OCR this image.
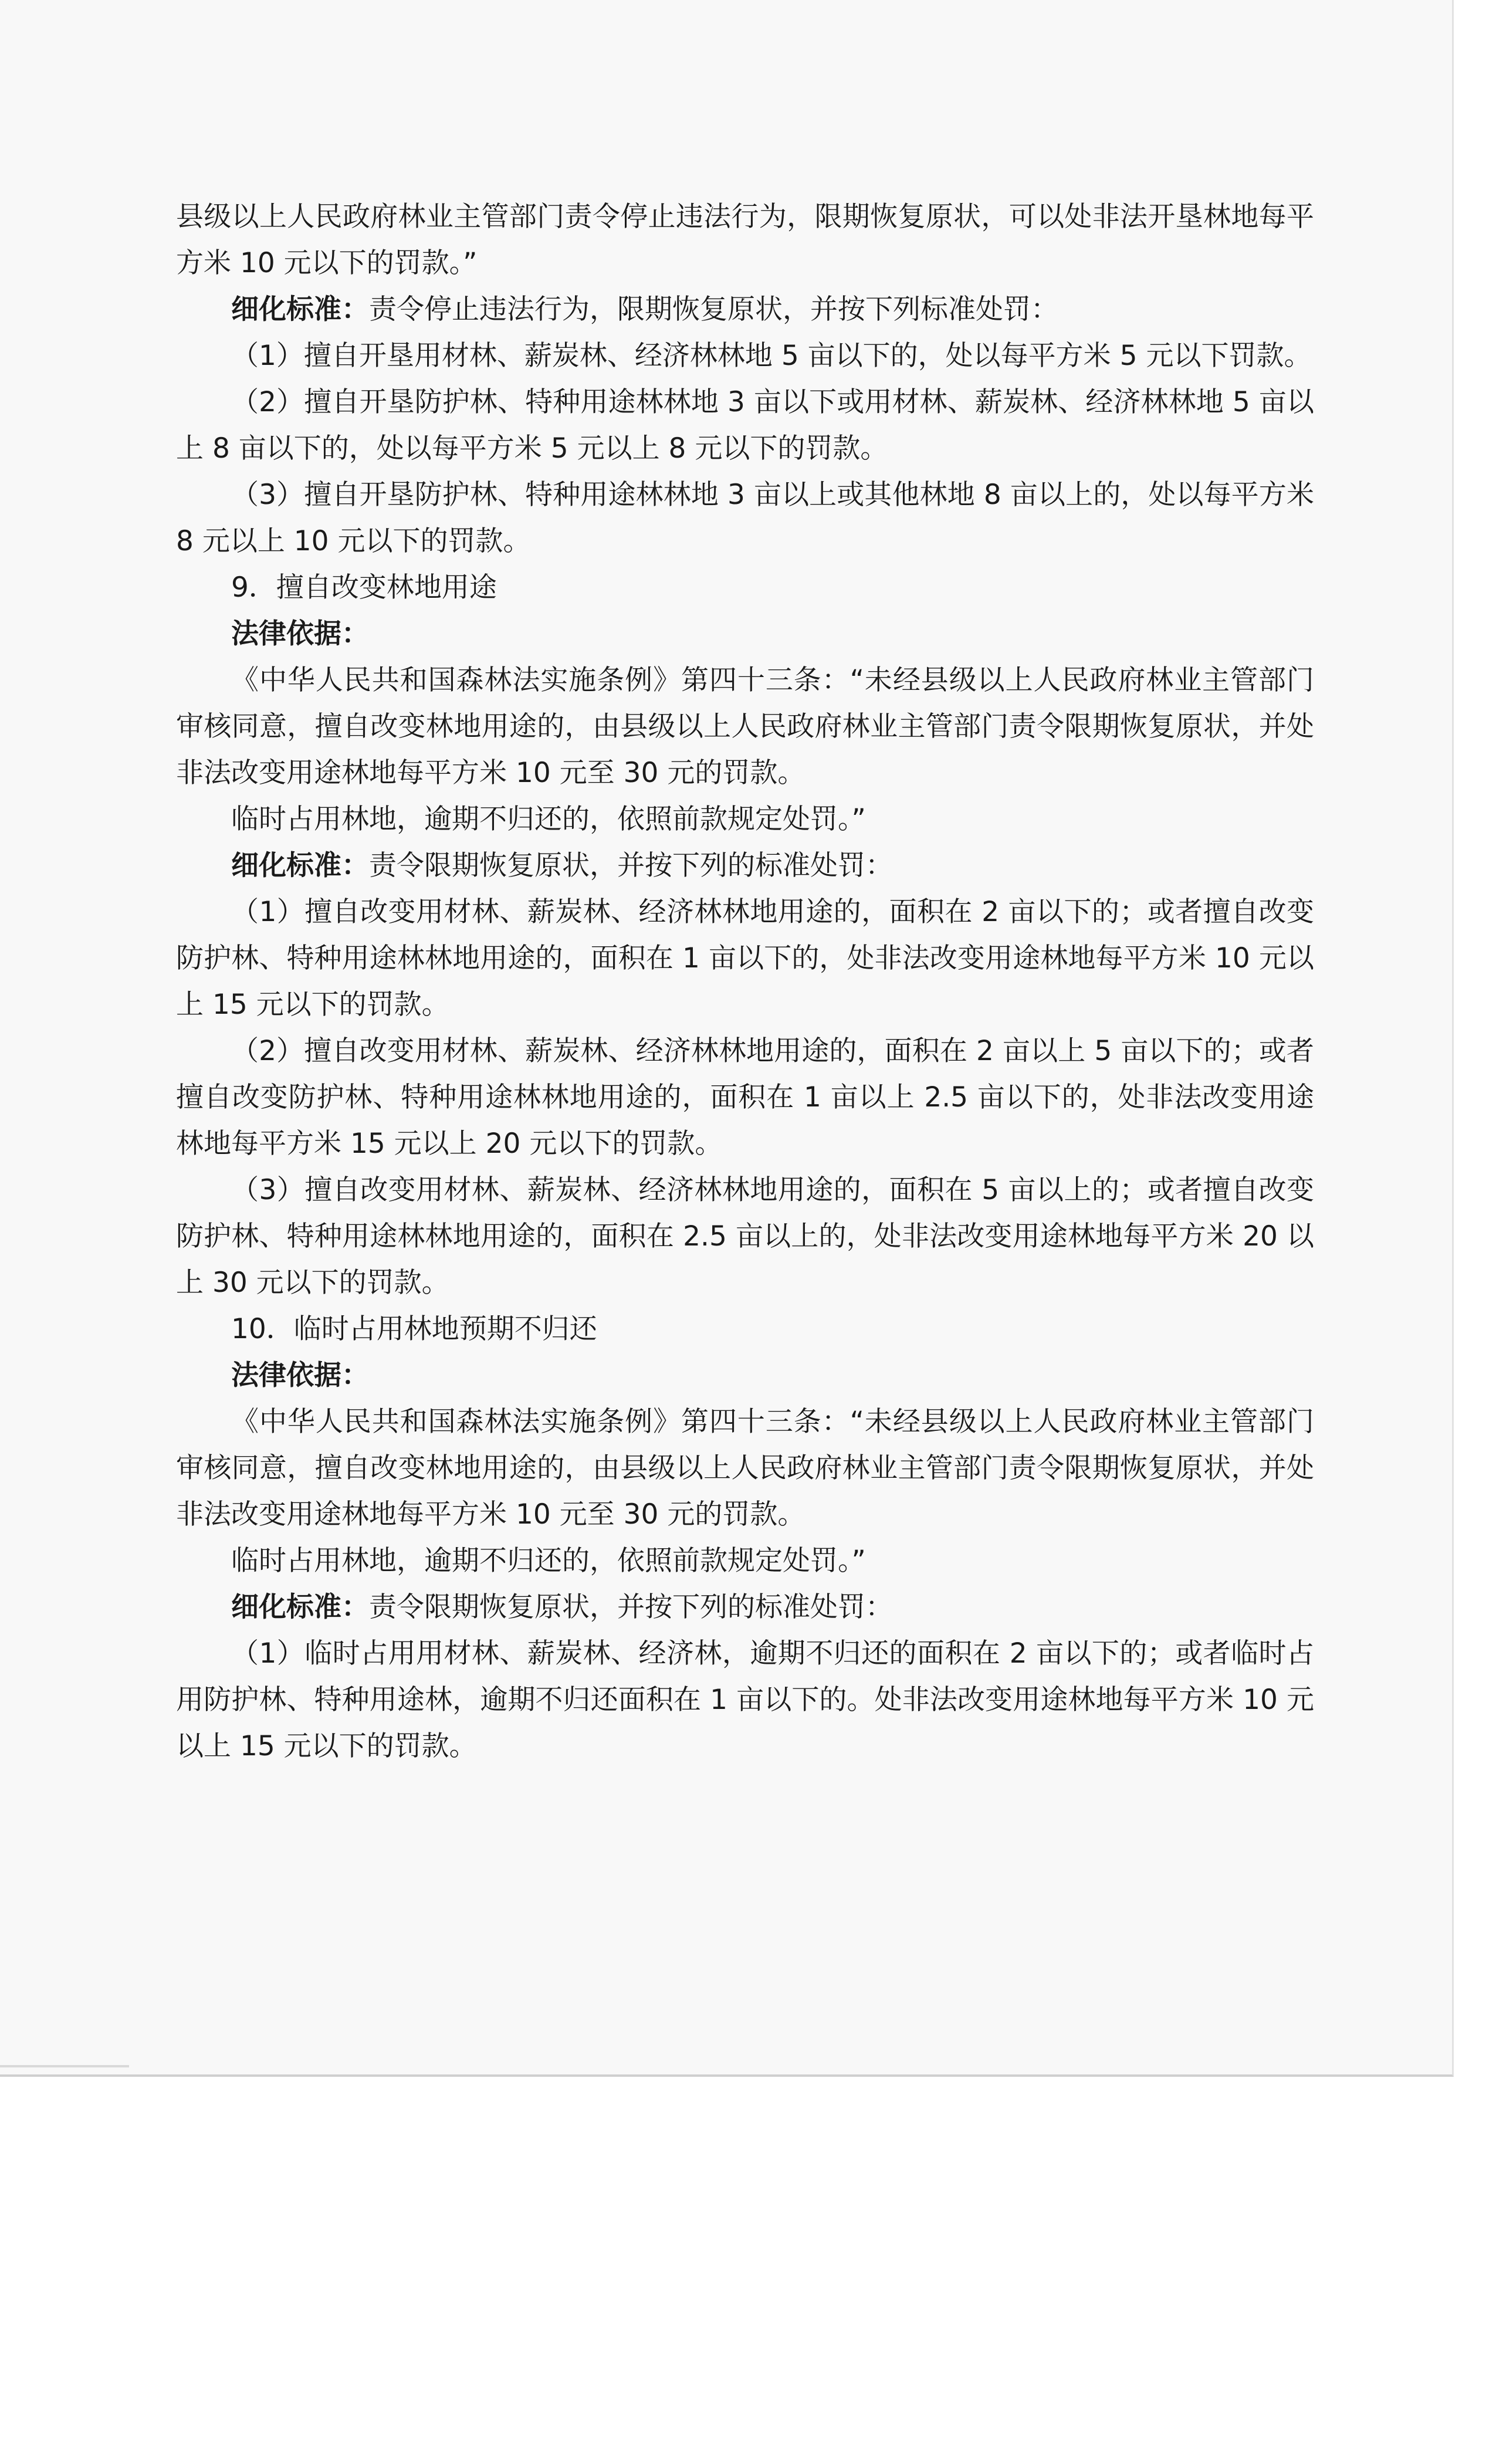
县级以上人民政府林业主管部门责令停止违法行为，限期恢复原状，可以处非法开垦林地每平方米 10 元以下的罚款。”

细化标准：责令停止违法行为，限期恢复原状，并按下列标准处罚：

（1）擅自开垦用材林、薪炭林、经济林林地 5 亩以下的，处以每平方米 5 元以下罚款。

（2）擅自开垦防护林、特种用途林林地 3 亩以下或用材林、薪炭林、经济林林地 5 亩以上 8 亩以下的，处以每平方米 5 元以上 8 元以下的罚款。

（3）擅自开垦防护林、特种用途林林地 3 亩以上或其他林地 8 亩以上的，处以每平方米 8 元以上 10 元以下的罚款。

9．擅自改变林地用途

法律依据：

《中华人民共和国森林法实施条例》第四十三条：“未经县级以上人民政府林业主管部门审核同意，擅自改变林地用途的，由县级以上人民政府林业主管部门责令限期恢复原状，并处非法改变用途林地每平方米 10 元至 30 元的罚款。

临时占用林地，逾期不归还的，依照前款规定处罚。”

细化标准：责令限期恢复原状，并按下列的标准处罚：

（1）擅自改变用材林、薪炭林、经济林林地用途的，面积在 2 亩以下的；或者擅自改变防护林、特种用途林林地用途的，面积在 1 亩以下的，处非法改变用途林地每平方米 10 元以上 15 元以下的罚款。

（2）擅自改变用材林、薪炭林、经济林林地用途的，面积在 2 亩以上 5 亩以下的；或者擅自改变防护林、特种用途林林地用途的，面积在 1 亩以上 2.5 亩以下的，处非法改变用途林地每平方米 15 元以上 20 元以下的罚款。

（3）擅自改变用材林、薪炭林、经济林林地用途的，面积在 5 亩以上的；或者擅自改变防护林、特种用途林林地用途的，面积在 2.5 亩以上的，处非法改变用途林地每平方米 20 以上 30 元以下的罚款。

10．临时占用林地预期不归还

法律依据：

《中华人民共和国森林法实施条例》第四十三条：“未经县级以上人民政府林业主管部门审核同意，擅自改变林地用途的，由县级以上人民政府林业主管部门责令限期恢复原状，并处非法改变用途林地每平方米 10 元至 30 元的罚款。

临时占用林地，逾期不归还的，依照前款规定处罚。”

细化标准：责令限期恢复原状，并按下列的标准处罚：

（1）临时占用用材林、薪炭林、经济林，逾期不归还的面积在 2 亩以下的；或者临时占用防护林、特种用途林，逾期不归还面积在 1 亩以下的。处非法改变用途林地每平方米 10 元以上 15 元以下的罚款。
